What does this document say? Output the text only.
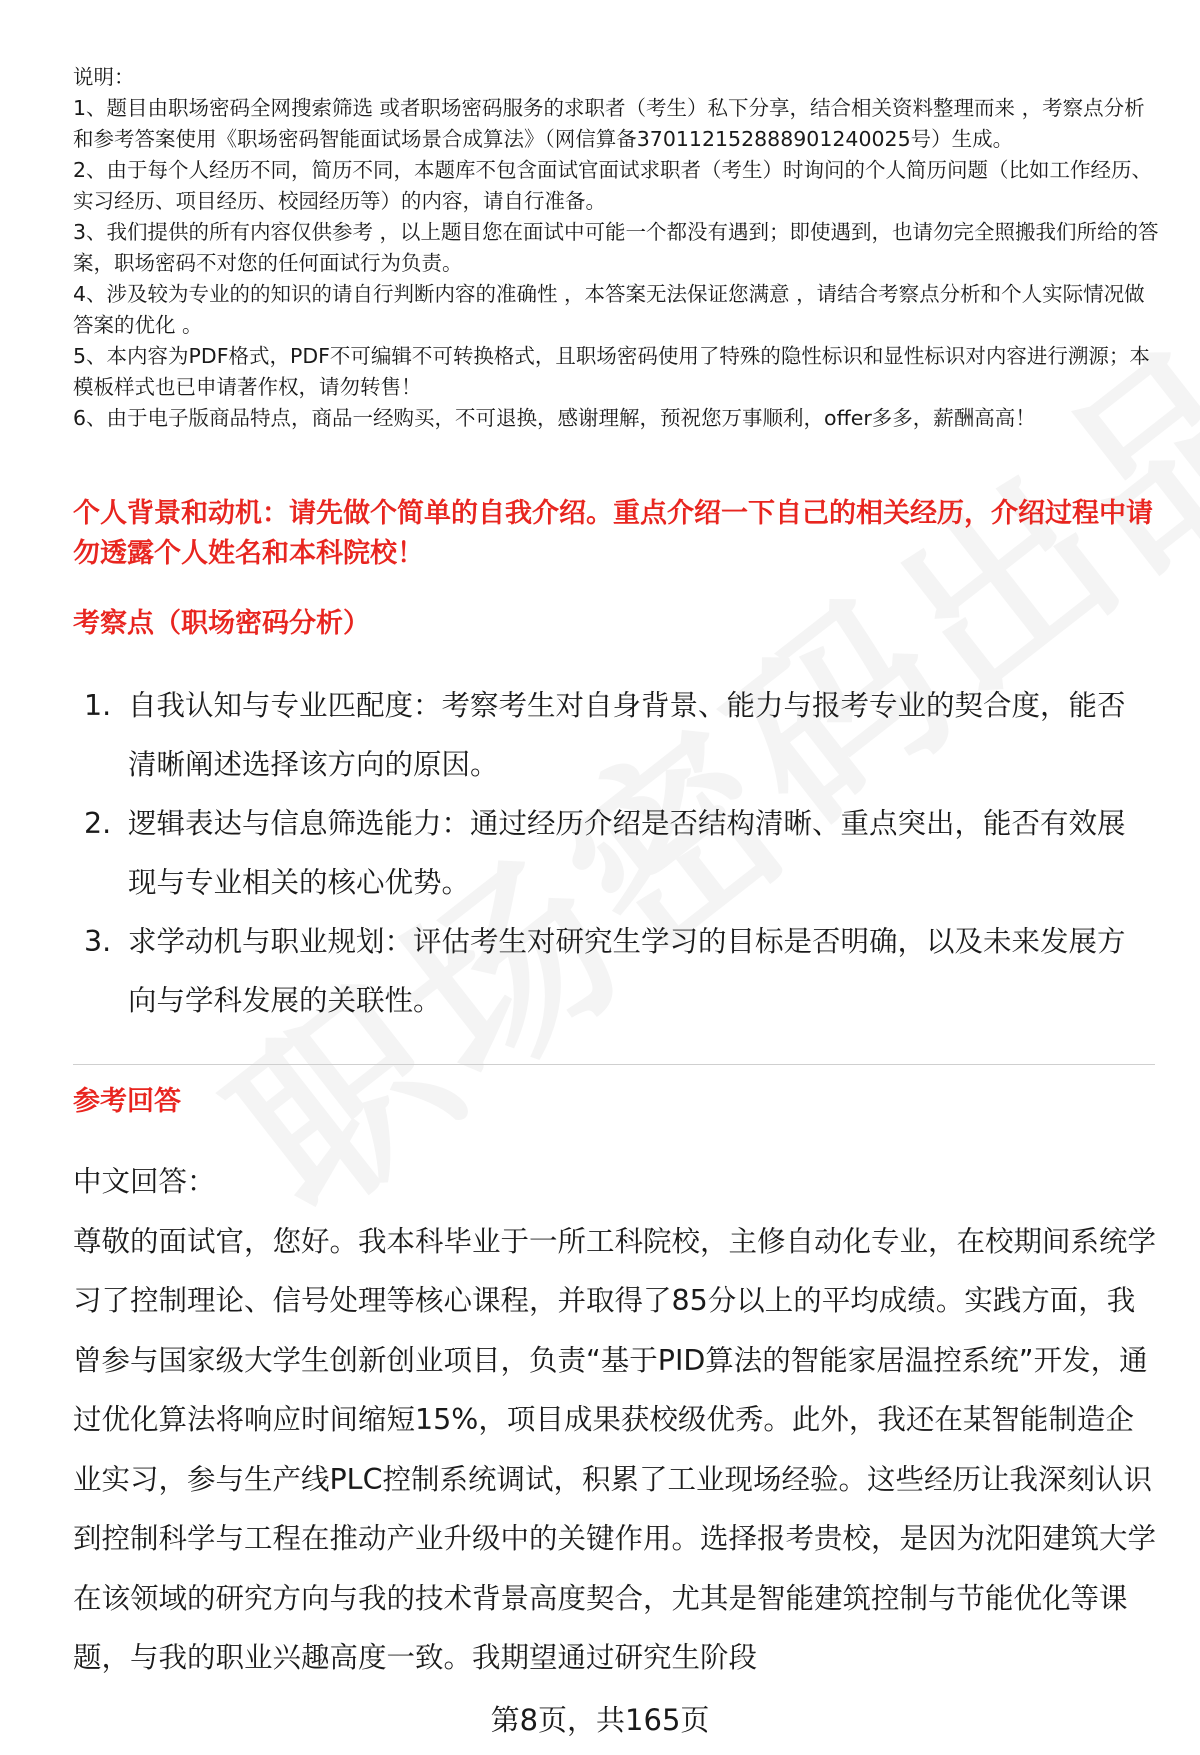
说明：

1、题目由职场密码全网搜索筛选 或者职场密码服务的求职者（考生）私下分享，结合相关资料整理而来 ，考察点分析和参考答案使用《职场密码智能面试场景合成算法》（网信算备370112152888901240025号）生成。

2、由于每个人经历不同，简历不同，本题库不包含面试官面试求职者（考生）时询问的个人简历问题（比如工作经历、实习经历、项目经历、校园经历等）的内容，请自行准备。

3、我们提供的所有内容仅供参考 ，以上题目您在面试中可能一个都没有遇到；即使遇到，也请勿完全照搬我们所给的答案，职场密码不对您的任何面试行为负责。

4、涉及较为专业的的知识的请自行判断内容的准确性 ，本答案无法保证您满意 ，请结合考察点分析和个人实际情况做答案的优化 。

5、本内容为PDF格式，PDF不可编辑不可转换格式，且职场密码使用了特殊的隐性标识和显性标识对内容进行溯源；本模板样式也已申请著作权，请勿转售！

6、由于电子版商品特点，商品一经购买，不可退换，感谢理解，预祝您万事顺利，offer多多，薪酬高高！

个人背景和动机：请先做个简单的自我介绍。重点介绍一下自己的相关经历，介绍过程中请勿透露个人姓名和本科院校！
考察点（职场密码分析）
1. 自我认知与专业匹配度：考察考生对自身背景、能力与报考专业的契合度，能否清晰阐述选择该方向的原因。
2. 逻辑表达与信息筛选能力：通过经历介绍是否结构清晰、重点突出，能否有效展现与专业相关的核心优势。
3. 求学动机与职业规划：评估考生对研究生学习的目标是否明确，以及未来发展方向与学科发展的关联性。
参考回答

中文回答：

尊敬的面试官，您好。我本科毕业于一所工科院校，主修自动化专业，在校期间系统学习了控制理论、信号处理等核心课程，并取得了85分以上的平均成绩。实践方面，我曾参与国家级大学生创新创业项目，负责“基于PID算法的智能家居温控系统”开发，通过优化算法将响应时间缩短15%，项目成果获校级优秀。此外，我还在某智能制造企业实习，参与生产线PLC控制系统调试，积累了工业现场经验。这些经历让我深刻认识到控制科学与工程在推动产业升级中的关键作用。选择报考贵校，是因为沈阳建筑大学在该领域的研究方向与我的技术背景高度契合，尤其是智能建筑控制与节能优化等课题，与我的职业兴趣高度一致。我期望通过研究生阶段

第8页，共165页
